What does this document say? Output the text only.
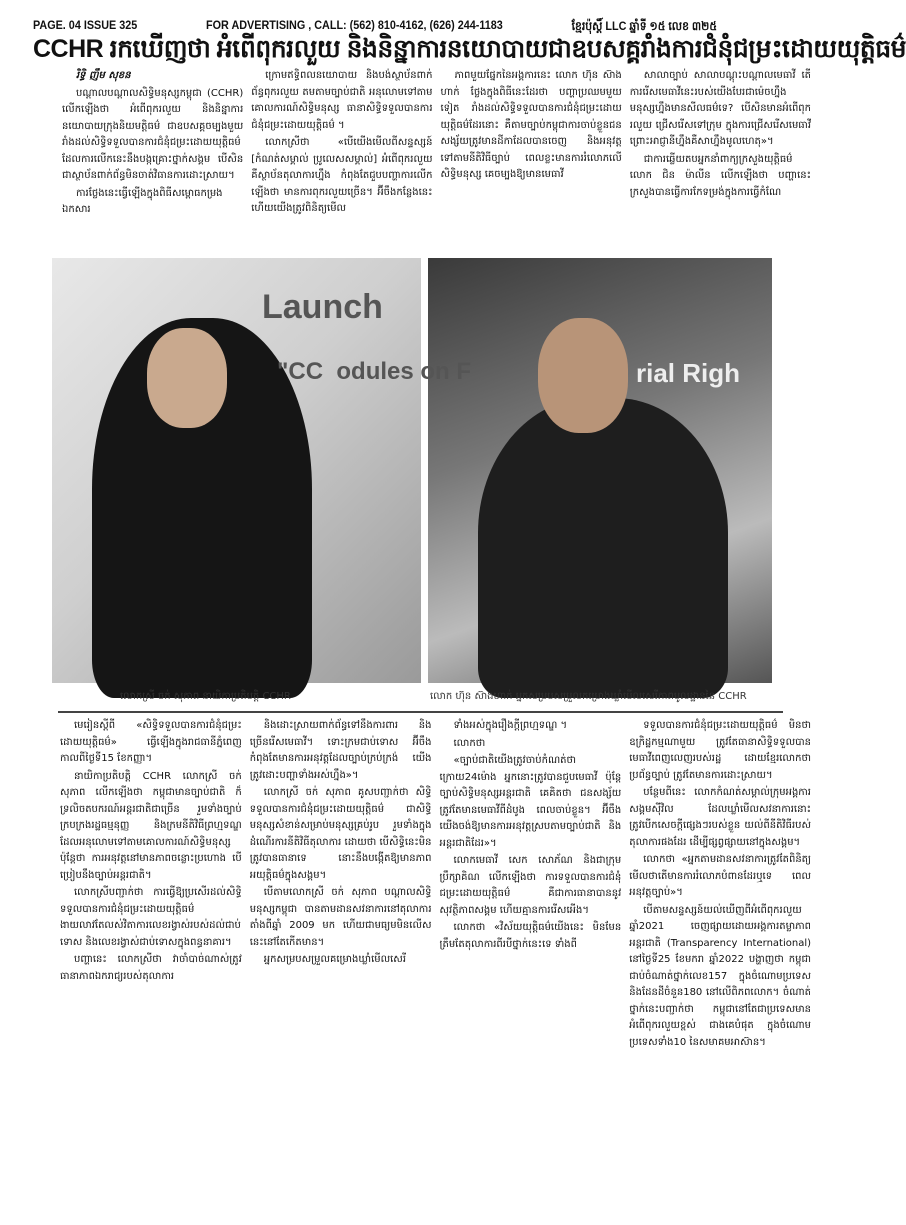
PAGE. 04 ISSUE 325	FOR ADVERTISING , CALL: (562) 810-4162, (626) 244-1183	ខ្មែរប៉ុស្ដិ៍ LLC ឆ្នាំទី ១៥ លេខ ៣២៥
CCHR រកឃើញថា អំពើពុករលួយ និងនិន្នាការនយោបាយជាឧបសគ្គរាំងការជំនុំជម្រះដោយយុត្តិធម៌

រិទ្ធិ ញឹម សុខន

បណ្ដាលបណ្ដាលសិទ្ធិមនុស្សកម្ពុជា (CCHR) លើកឡើងថា អំពើពុករលួយ និងនិន្នាការនយោបាយក្រុងនិយមត្តិធម៌ ជាឧបសគ្គចម្បងមួយរាំងដល់សិទ្ធិទទួលបានការជំនុំជម្រះដោយយុត្តិធម៌ ដែលការលើកនេះនឹងបង្កគ្រោះថ្នាក់សង្គម បើសិនជាស្ថាប័នពាក់ព័ន្ធមិនចាត់វិធានការដោះស្រាយ។

ការថ្លែងនេះធ្វើឡើងក្នុងពិធីសម្ពោធកម្រងឯកសារ

ក្រោមឥទ្ធិពលនយោបាយ និងបង់ស្ថាប័នពាក់ព័ន្ធពុករលួយ តមតាមច្បាប់ជាតិ អនុលោមទៅតាមគោលការណ៍សិទ្ធិមនុស្ស ធានាសិទ្ធិទទួលបានការជំនុំជម្រះដោយយុត្តិធម៌ ។

លោកស្រីថា «បើយើងមើលពីសន្ទស្សន៍ [កំណត់សម្គាល់ ប្រូលេសសម្គាល់] អំពើពុករលួយ គឺស្ថាប័នតុលាការហ្នឹង កំពុងតែជួបបញ្ហាការលើកឡើងថា មានការពុករលួយច្រើន។ អ៊ីចឹងកន្លែងនេះហើយយើងត្រូវពិនិត្យមើល

ភាពមួយផ្នែកនៃអង្គការនេះ លោក ហ៊ុន ស៊ាងហាក់ ថ្លែងក្នុងពិធីនេះដែរថា បញ្ហាប្រឈមមួយទៀត រាំងដល់សិទ្ធិទទួលបានការជំនុំជម្រះដោយយុត្តិធម៌ដែរនោះ គឺតាមច្បាប់កម្ពុជាការចាប់ខ្លួនជនសង្ស័យត្រូវមានដីកាដែលបានចេញ និងអនុវត្តទៅតាមនីតិវិធីច្បាប់ ពេលខ្លះមានការរំលោភលើសិទ្ធិមនុស្ស គេចម្បងឱ្យមានមេធាវី

សាលាច្បាប់ សាលាបណ្ដុះបណ្ដាលមេធាវី តើការរើសមេធាវីនេះរបស់យើងបែរជាម៉េចហ្នឹង មនុស្សហ្នឹងមានសីលធម៌ទេ? បើសិនមានអំពើពុករលួយ ជ្រើសរើសទៅក្រុម ក្នុងការជ្រើសរើសមេធាវី ព្រោះអាជ្ញានីហ្នឹងគឺសាហ្នឹងមូលហេតុ»។

ជាការឆ្លើយតបអ្នកនាំពាក្យក្រសួងយុត្តិធម៌លោក ជិន ម៉ាលីន លើកឡើងថា បញ្ហានេះ ក្រសួងបានធ្វើការកែទម្រង់ក្នុងការធ្វើកំណែ

Launch
"CC  odules on F	rial Righ
លោកស្រី ចក់ សុភាព នាយិកាប្រតិបត្តិ CCHR	លោក ហ៊ុន ស៊ាងហាក់ អ្នកសម្របសម្រួលគម្រោងឃ្លាំមើលសេរីភាពមូលដ្ឋាននៃ CCHR

មេរៀនស្ដីពី «សិទ្ធិទទួលបានការជំនុំជម្រះដោយយុត្តិធម៌» ធ្វើឡើងក្នុងរាជធានីភ្នំពេញ កាលពីថ្ងៃទី15 ខែកញ្ញា។

នាយិកាប្រតិបត្តិ CCHR លោកស្រី ចក់ សុភាព លើកឡើងថា កម្ពុជាមានច្បាប់ជាតិ ក៏ទ្រលិចតបករណ៍អន្តរជាតិជាច្រើន រួមទាំងច្បាប់ក្របក្រងរដ្ឋធម្មនុញ្ញ និងក្រមនីតិវិធីព្រហ្មទណ្ឌ ដែលអនុលោមទៅតាមគោលការណ៍សិទ្ធិមនុស្ស ប៉ុន្តែថា ការអនុវត្តនៅមានភាពចន្លោះប្រហោង បើប្រៀបនឹងច្បាប់អន្តរជាតិ។

លោកស្រីបញ្ជាក់ថា ការធ្វើឱ្យប្រសើរដល់សិទ្ធិទទួលបានការជំនុំជម្រះដោយយុត្តិធម៌ ងាយលាវតែលស់វិតាការលេខរង្វាស់របស់ដល់ជាប់ទោស និងលេខរង្វាស់ជាប់ទោសក្នុងពន្ធនាគារ។

បញ្ហានេះ លោកស្រីថា វាចាំបាច់ណាស់ត្រូវធានាភាពឯករាជ្យរបស់តុលាការ

និងដោះស្រាយពាក់ព័ន្ធទៅនឹងការពារ និងច្រើនរើសមេធាវី។ ទោះក្រមជាប់ទោស អ៊ីចឹងកំពុងតែមានការអនុវត្តដែលច្បាប់ក្រប់ក្រង់ យើងត្រូវដោះបញ្ហាទាំងអស់ហ្នឹង»។

លោកស្រី ចក់ សុភាព គូសបញ្ជាក់ថា សិទ្ធិទទួលបានការជំនុំជម្រះដោយយុត្តិធម៌ ជាសិទ្ធិមនុស្សសំខាន់សម្រាប់មនុស្សគ្រប់រូប រួមទាំងក្នុងដំណើរការនីតិវិធីតុលាការ ដោយថា បើសិទ្ធិនេះមិនត្រូវបានធានាទេ នោះនឹងបង្កើតឱ្យមានភាពអយុត្តិធម៌ក្នុងសង្គម។

បើតាមលោកស្រី ចក់ សុភាព បណ្ដាលសិទ្ធិមនុស្សកម្ពុជា បានតាមដានសវនាការនៅតុលាការតាំងពីឆ្នាំ 2009 មក ហើយជាមធ្យមមិនលើសនេះនៅតែកើតមាន។

អ្នកសម្របសម្រួលគម្រោងឃ្លាំមើលសេរី

ទាំងអស់ក្នុងរឿងក្ដីព្រហ្មទណ្ឌ ។

លោកថា

«ច្បាប់ជាតិយើងត្រូវចាប់កំណត់ថា ក្រោយ24ម៉ោង អ្នកនោះត្រូវបានជួបមេធាវី ប៉ុន្តែច្បាប់សិទ្ធិមនុស្សអន្តរជាតិ គេគិតថា ជនសង្ស័យត្រូវតែមានមេធាវីពីដំបូង ពេលចាប់ខ្លួន។ អ៊ីចឹងយើងចង់ឱ្យមានការអនុវត្តស្របតាមច្បាប់ជាតិ និងអន្តរជាតិដែរ»។

លោកមេធាវី សេក សោភ័ណ និងជាក្រុមប្រឹក្សាគិណ លើកឡើងថា ការទទួលបានការជំនុំជម្រះដោយយុត្តិធម៌ គឺជាការធានាបាននូវសុវត្ថិភាពសង្គម ហើយគ្មានការរើសអើង។

លោកថា «វិស័យយុត្តិធម៌យើងនេះ មិនមែនត្រឹមតែតុលាការពីរបីថ្នាក់នេះទេ ទាំងពី

ទទួលបានការជំនុំជម្រះដោយយុត្តិធម៌ មិនថាឧក្រិដ្ឋកម្មណាមួយ ត្រូវតែធានាសិទ្ធិទទួលបានមេធាវីពេញលេញរបស់រដ្ឋ ដោយខ្មែរលោកថា ប្រព័ន្ធច្បាប់ ត្រូវតែមានការដោះស្រាយ។

បន្ថែមពីនេះ លោកកំណត់សម្គាល់ក្រុមអង្គការសង្គមស៊ីវិល ដែលឃ្លាំមើលសវនាការនោះ ត្រូវបើកសេចក្ដីផ្សេងៗរបស់ខ្លួន យល់ពីនីតិវិធីរបស់តុលាការផងដែរ ដើម្បីផ្សព្វផ្សាយនៅក្នុងសង្គម។

លោកថា «អ្នកតាមដានសវនាការត្រូវតែពិនិត្យមើលថាតើមានការរំលោភបំពានដែរឬទេ ពេលអនុវត្តច្បាប់»។

បើតាមសន្ទស្សន៍យល់ឃើញពីអំពើពុករលួយ ឆ្នាំ2021 ចេញផ្សាយដោយអង្គការតម្លាភាពអន្តរជាតិ (Transparency International) នៅថ្ងៃទី25 ខែមករា ឆ្នាំ2022 បង្ហាញថា កម្ពុជាជាប់ចំណាត់ថ្នាក់លេខ157 ក្នុងចំណោមប្រទេស និងដែនដីចំនួន180 នៅលើពិភពលោក។ ចំណាត់ថ្នាក់នេះបញ្ជាក់ថា កម្ពុជានៅតែជាប្រទេសមានអំពើពុករលួយខ្ពស់ ជាងគេបំផុត ក្នុងចំណោមប្រទេសទាំង10 នៃសមាគមអាស៊ាន។
